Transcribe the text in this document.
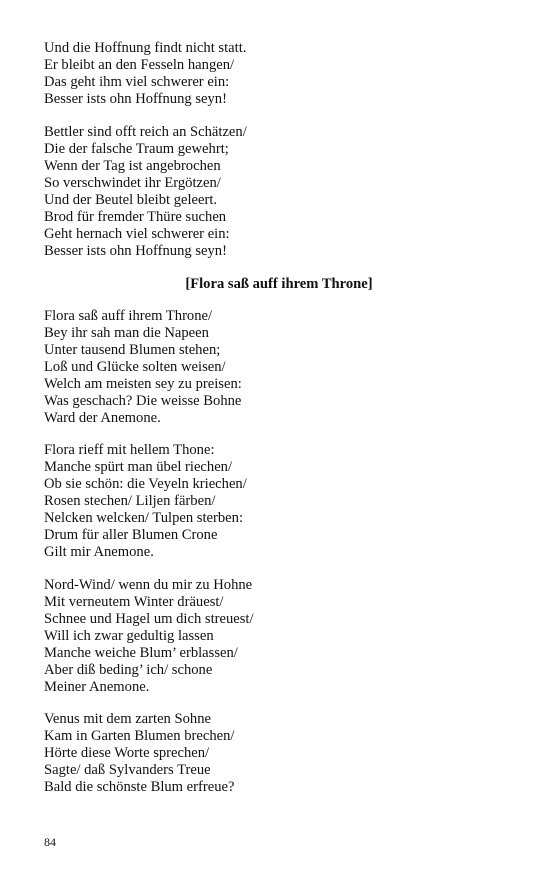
Und die Hoffnung findt nicht statt.
Er bleibt an den Fesseln hangen/
Das geht ihm viel schwerer ein:
Besser ists ohn Hoffnung seyn!
Bettler sind offt reich an Schätzen/
Die der falsche Traum gewehrt;
Wenn der Tag ist angebrochen
So verschwindet ihr Ergötzen/
Und der Beutel bleibt geleert.
Brod für fremder Thüre suchen
Geht hernach viel schwerer ein:
Besser ists ohn Hoffnung seyn!
[Flora saß auff ihrem Throne]
Flora saß auff ihrem Throne/
Bey ihr sah man die Napeen
Unter tausend Blumen stehen;
Loß und Glücke solten weisen/
Welch am meisten sey zu preisen:
Was geschach? Die weisse Bohne
Ward der Anemone.
Flora rieff mit hellem Thone:
Manche spürt man übel riechen/
Ob sie schön: die Veyeln kriechen/
Rosen stechen/ Liljen färben/
Nelcken welcken/ Tulpen sterben:
Drum für aller Blumen Crone
Gilt mir Anemone.
Nord-Wind/ wenn du mir zu Hohne
Mit verneutem Winter dräuest/
Schnee und Hagel um dich streuest/
Will ich zwar gedultig lassen
Manche weiche Blum’ erblassen/
Aber diß beding’ ich/ schone
Meiner Anemone.
Venus mit dem zarten Sohne
Kam in Garten Blumen brechen/
Hörte diese Worte sprechen/
Sagte/ daß Sylvanders Treue
Bald die schönste Blum erfreue?
84
